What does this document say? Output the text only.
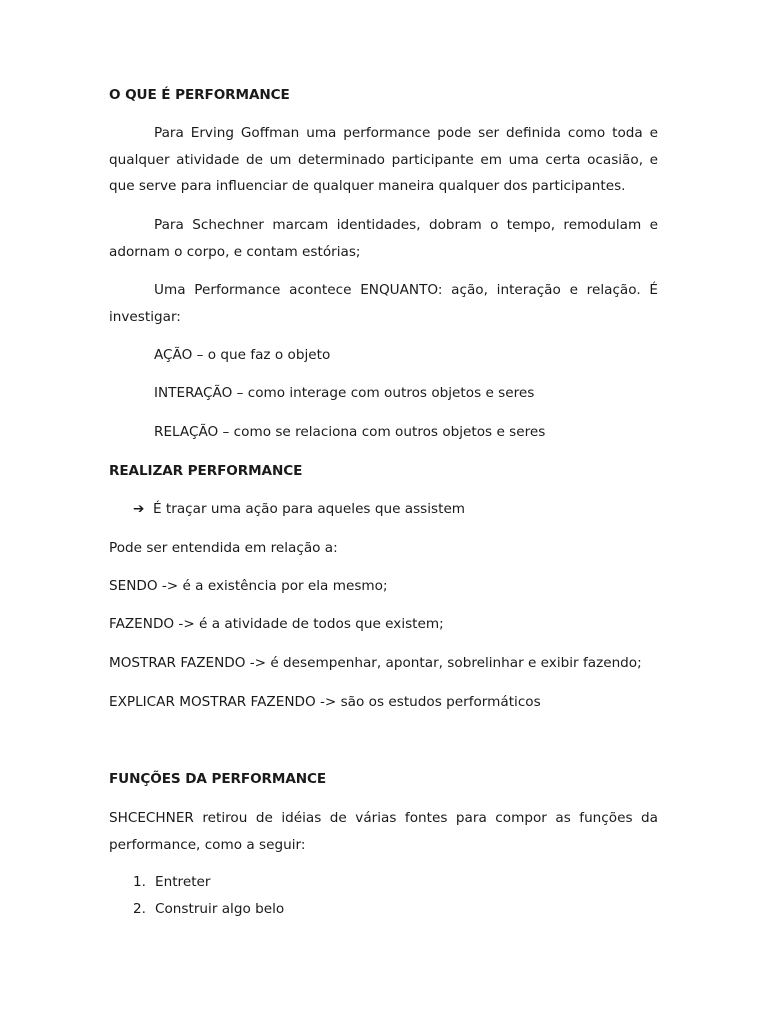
O QUE É PERFORMANCE
Para Erving Goffman uma performance pode ser definida como toda e qualquer atividade de um determinado participante em uma certa ocasião, e que serve para influenciar de qualquer maneira qualquer dos participantes.
Para Schechner marcam identidades, dobram o tempo, remodulam e adornam o corpo, e contam estórias;
Uma Performance acontece ENQUANTO: ação, interação e relação. É investigar:
AÇÃO – o que faz o objeto
INTERAÇÃO – como interage com outros objetos e seres
RELAÇÃO – como se relaciona com outros objetos e seres
REALIZAR PERFORMANCE
➔ É traçar uma ação para aqueles que assistem
Pode ser entendida em relação a:
SENDO -> é a existência por ela mesmo;
FAZENDO -> é a atividade de todos que existem;
MOSTRAR FAZENDO -> é desempenhar, apontar, sobrelinhar e exibir fazendo;
EXPLICAR MOSTRAR FAZENDO -> são os estudos performáticos
FUNÇÕES DA PERFORMANCE
SHCECHNER retirou de idéias de várias fontes para compor as funções da performance, como a seguir:
1. Entreter
2. Construir algo belo
